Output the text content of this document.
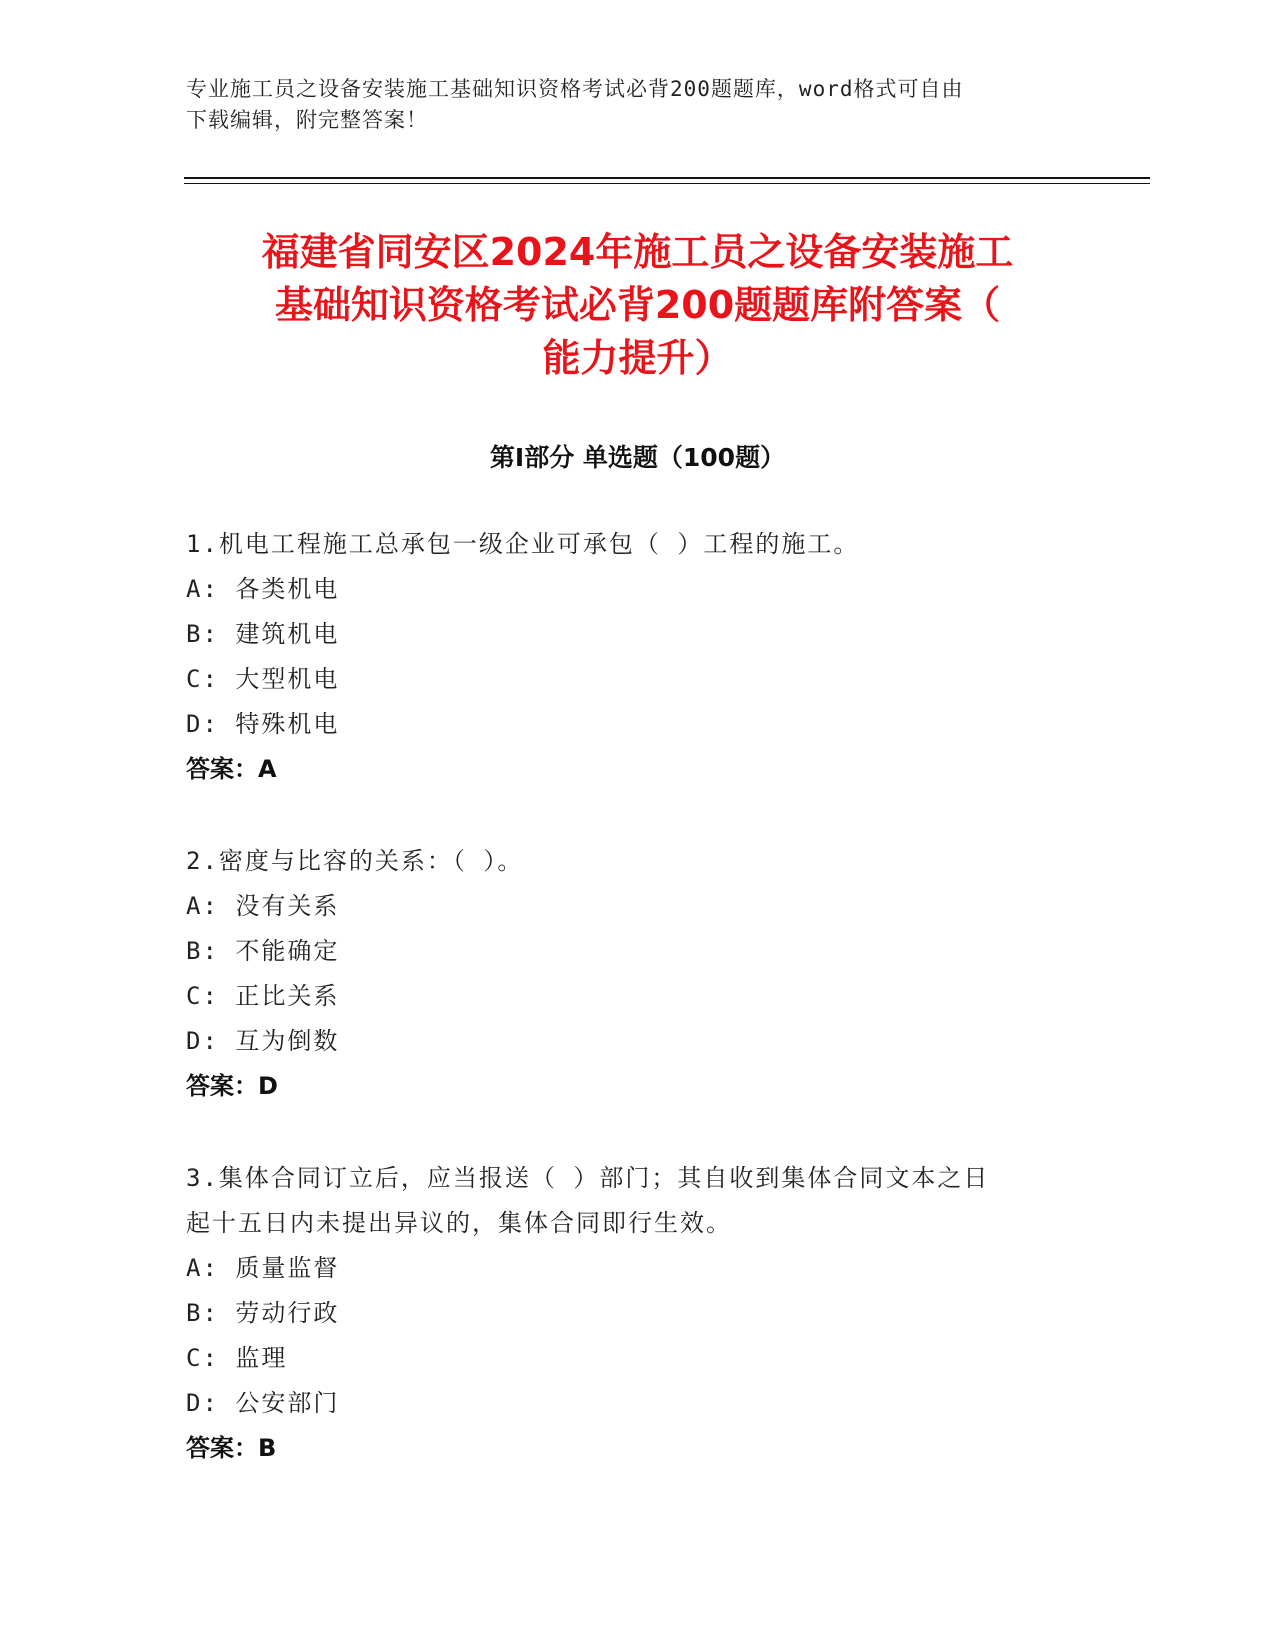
专业施工员之设备安装施工基础知识资格考试必背200题题库，word格式可自由
下载编辑，附完整答案！
福建省同安区2024年施工员之设备安装施工
基础知识资格考试必背200题题库附答案（
能力提升）
第I部分 单选题（100题）
1.机电工程施工总承包一级企业可承包（ ）工程的施工。
A: 各类机电
B: 建筑机电
C: 大型机电
D: 特殊机电
答案：A
2.密度与比容的关系：（ ）。
A: 没有关系
B: 不能确定
C: 正比关系
D: 互为倒数
答案：D
3.集体合同订立后，应当报送（ ）部门；其自收到集体合同文本之日
起十五日内未提出异议的，集体合同即行生效。
A: 质量监督
B: 劳动行政
C: 监理
D: 公安部门
答案：B
